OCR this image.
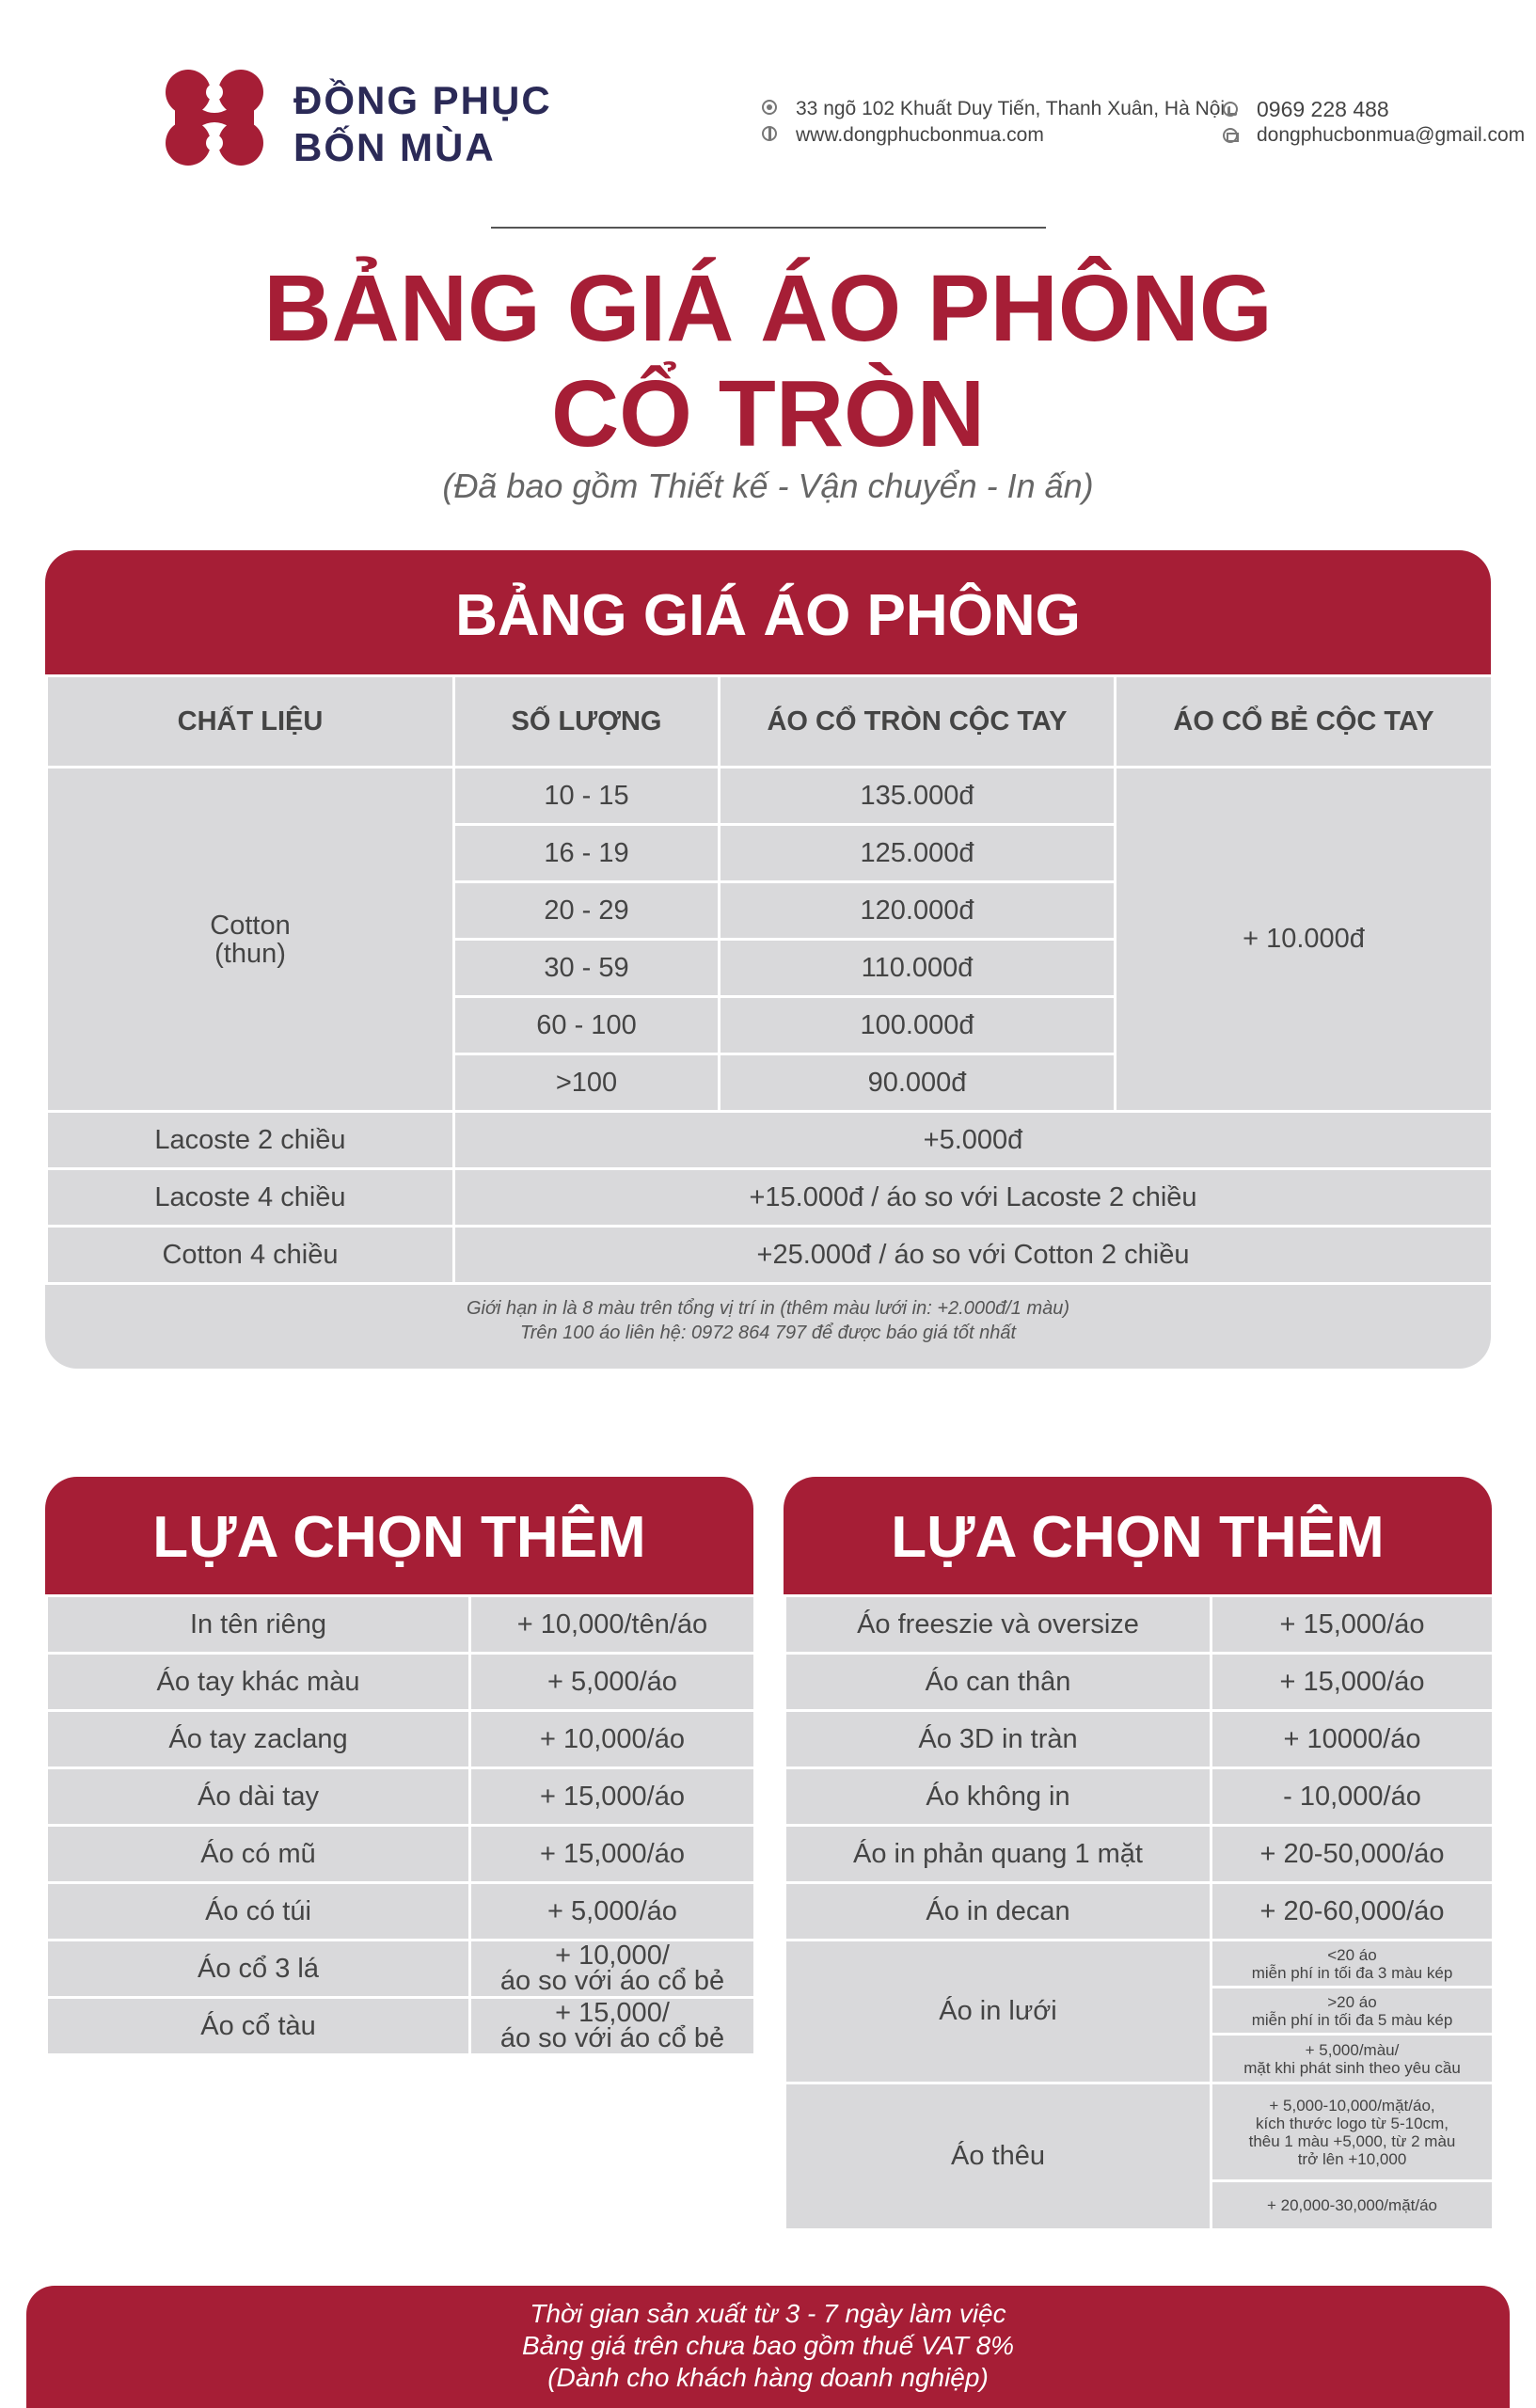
ĐỒNG PHỤC
BỐN MÙA
33 ngõ 102 Khuất Duy Tiến, Thanh Xuân, Hà Nội 0969 228 488
www.dongphucbonmua.com	dongphucbonmua@gmail.com
BẢNG GIÁ ÁO PHÔNG
CỔ TRÒN
(Đã bao gồm Thiết kế - Vận chuyển - In ấn)
BẢNG GIÁ ÁO PHÔNG
CHẤT LIỆU	SỐ LƯỢNG	ÁO CỔ TRÒN CỘC TAY	ÁO CỔ BẺ CỘC TAY

Cotton
(thun)	10 - 15	135.000đ	+ 10.000đ
	16 - 19	125.000đ	
	20 - 29	120.000đ	
	30 - 59	110.000đ	
	60 - 100	100.000đ	
	>100	90.000đ	
Lacoste 2 chiều	+5.000đ		
Lacoste 4 chiều	+15.000đ / áo so với Lacoste 2 chiều		
Cotton 4 chiều	+25.000đ / áo so với Cotton 2 chiều		
Giới hạn in là 8 màu trên tổng vị trí in (thêm màu lưới in: +2.000đ/1 màu)
Trên 100 áo liên hệ: 0972 864 797 để được báo giá tốt nhất
LỰA CHỌN THÊM
In tên riêng	+ 10,000/tên/áo
Áo tay khác màu	+ 5,000/áo
Áo tay zaclang	+ 10,000/áo
Áo dài tay	+ 15,000/áo
Áo có mũ	+ 15,000/áo
Áo có túi	+ 5,000/áo
Áo cổ 3 lá	+ 10,000/
áo so với áo cổ bẻ

Áo cổ tàu	+ 15,000/
áo so với áo cổ bẻ
LỰA CHỌN THÊM
Áo freeszie và oversize	+ 15,000/áo
Áo can thân	+ 15,000/áo
Áo 3D in tràn	+ 10000/áo
Áo không in	- 10,000/áo
Áo in phản quang 1 mặt	+ 20-50,000/áo
Áo in decan	+ 20-60,000/áo
Áo in lưới	<20 áo
miễn phí in tối đa 3 màu kép

	>20 áo
miễn phí in tối đa 5 màu kép

	+ 5,000/màu/
mặt khi phát sinh theo yêu cầu

Áo thêu	+ 5,000-10,000/mặt/áo,
kích thước logo từ 5-10cm,
thêu 1 màu +5,000, từ 2 màu
trở lên +10,000

	+ 20,000-30,000/mặt/áo
Thời gian sản xuất từ 3 - 7 ngày làm việc
Bảng giá trên chưa bao gồm thuế VAT 8%
(Dành cho khách hàng doanh nghiệp)
